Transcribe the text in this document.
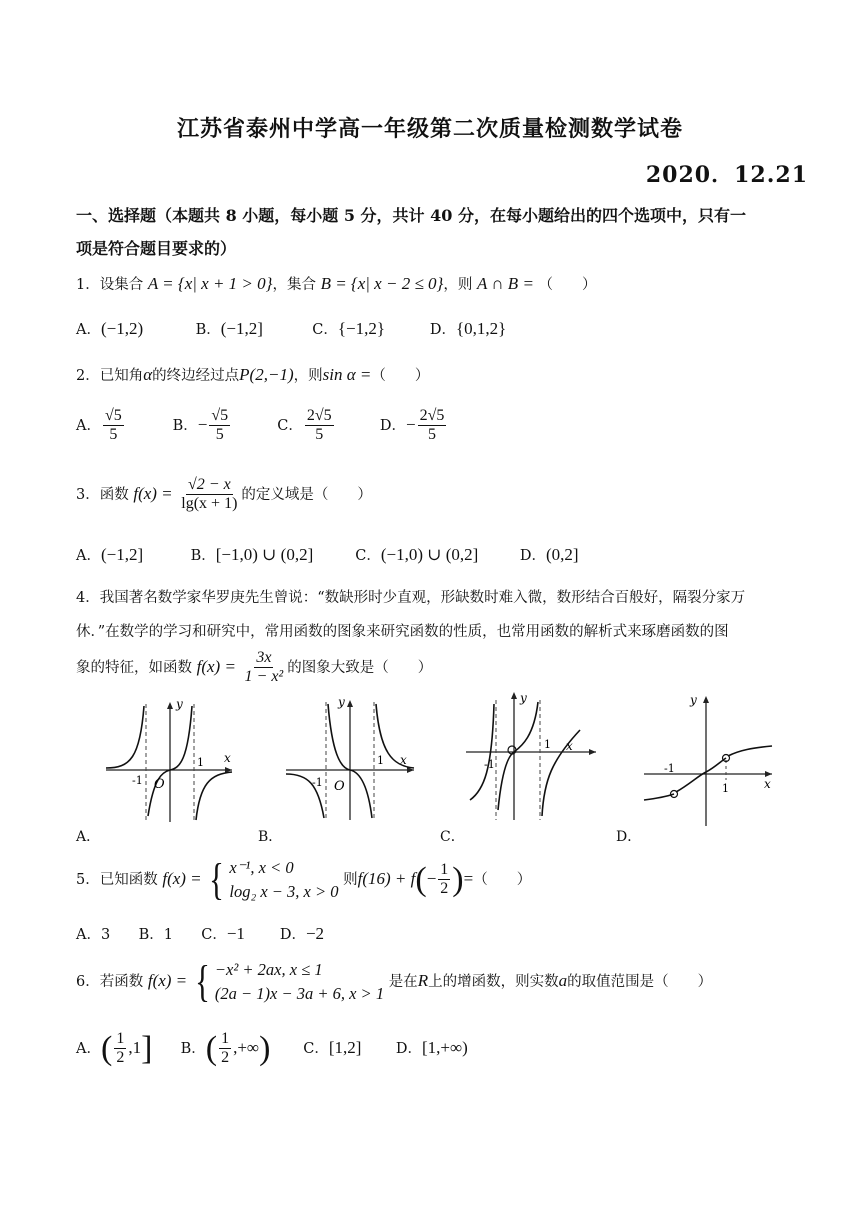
江苏省泰州中学高一年级第二次质量检测数学试卷
2020．12.21
一、选择题（本题共 8 小题，每小题 5 分，共计 40 分，在每小题给出的四个选项中，只有一
项是符合题目要求的）
1．设集合 A = {x| x + 1 > 0}，集合 B = {x| x − 2 ≤ 0}，则 A ∩ B = （　　）
A．(−1,2)	B．(−1,2]	C．{−1,2}	D．{0,1,2}
2．已知角α的终边经过点P(2,−1)，则sin α =（　　）
A． $\frac{√5}{5}$	B．− $\frac{√5}{5}$	C． $\frac{2√5}{5}$	D．− $\frac{2√5}{5}$
3．函数 $f(x) = \frac{√2 - x}{\lg(x + 1)}$ 的定义域是（　　）
A．(−1,2]	B．[−1,0) ∪ (0,2]	C．(−1,0) ∪ (0,2]	D．(0,2]
4．我国著名数学家华罗庚先生曾说：“数缺形时少直观，形缺数时难入微，数形结合百般好，隔裂分家万
休．”在数学的学习和研究中，常用函数的图象来研究函数的性质，也常用函数的解析式来琢磨函数的图
象的特征，如函数 $f(x) = \frac{3x}{\text{1 − x²}}$ 的图象大致是（　　）
y
x
-1
1
O
A．
y
x
-1
1
O
B．
y
x
-1
1
C．
y
x
-1
1
D．
5．已知函数 f(x) = { x⁻¹, x < 0
log₂ x − 3, x > 0
则$f(16) + f(- \frac{1}{2}$ )=（　　）
A．3 B．1 C．−1 D．−2
6．若函数 f(x) = { −x² + 2ax, x ≤ 1
(2a − 1)x − 3a + 6, x > 1
是在R上的增函数，则实数a的取值范围是（　　）
A．( $\frac{1}{2} ,1$] B．( $\frac{1}{2}$ ,+∞) C．[1,2] D．[1,+∞)
